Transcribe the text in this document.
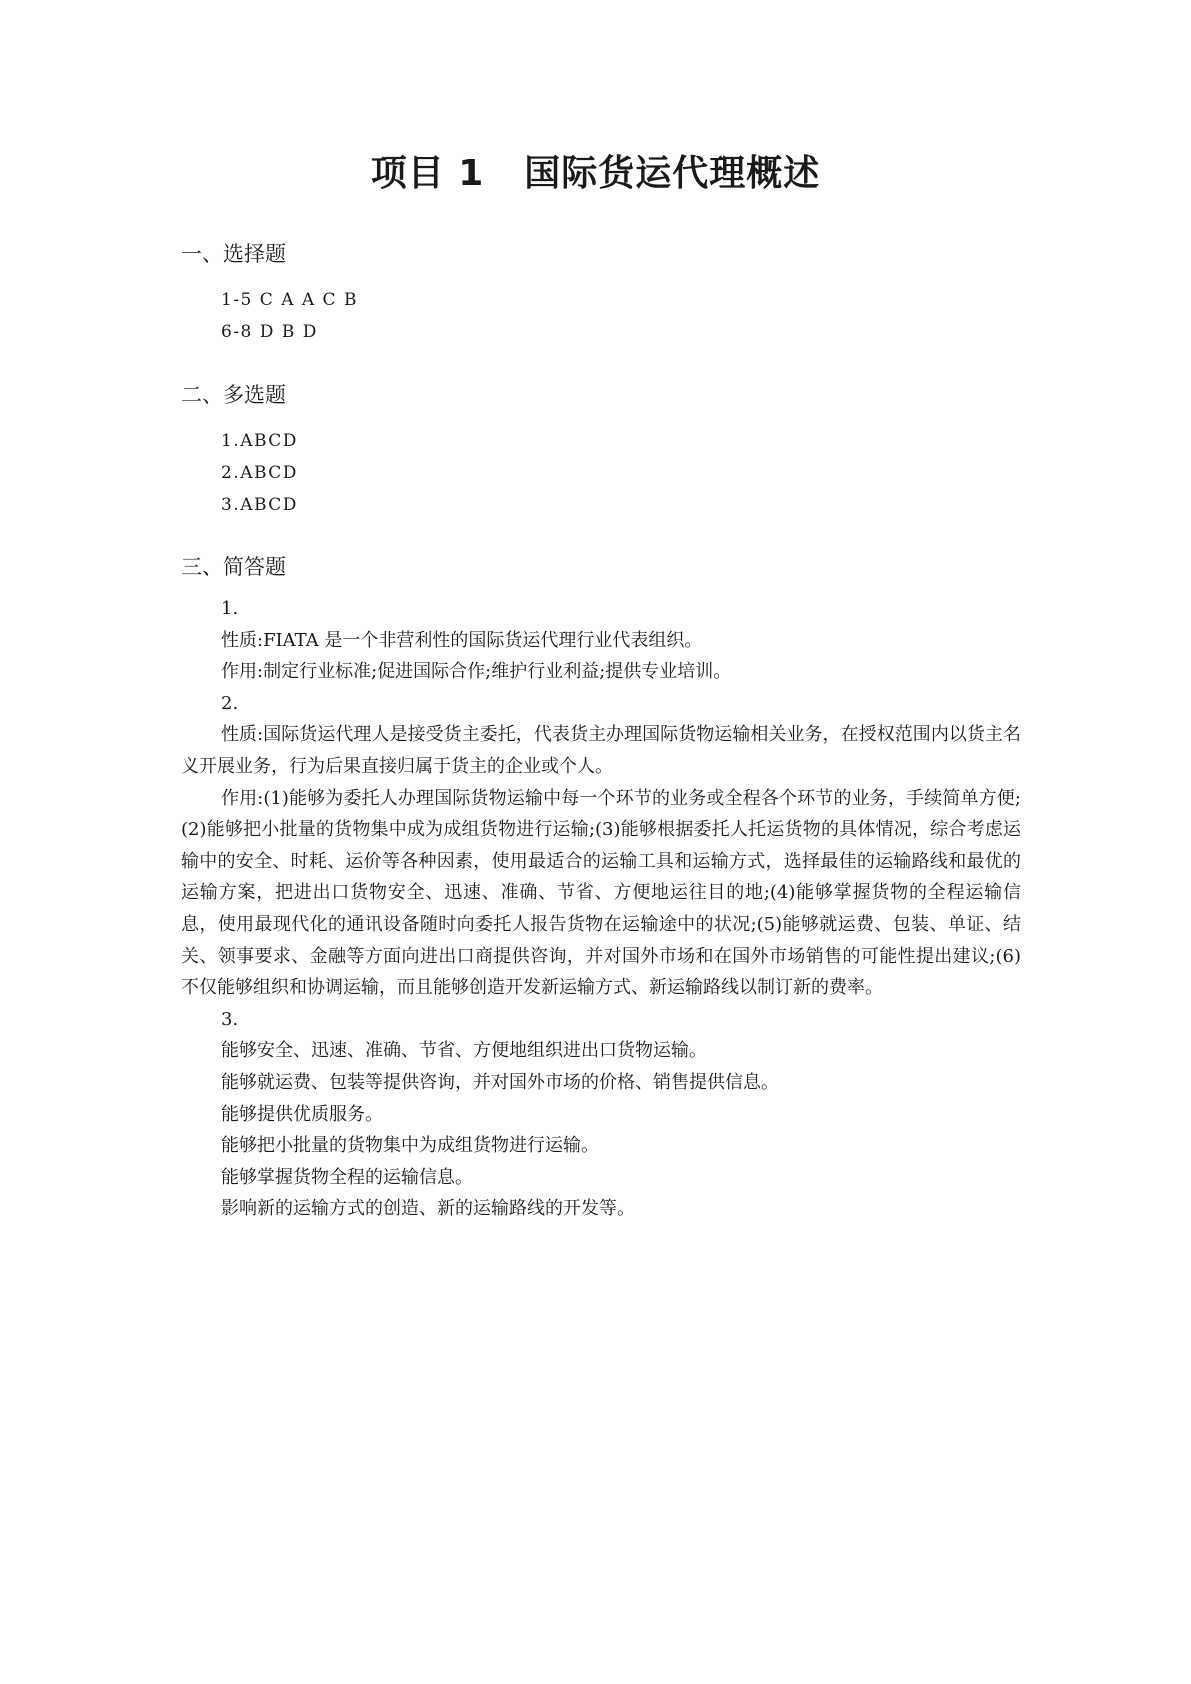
项目 1 国际货运代理概述
一、选择题
1-5 C A A C B
6-8 D B D
二、多选题
1.ABCD
2.ABCD
3.ABCD
三、简答题

1.

性质:FIATA 是一个非营利性的国际货运代理行业代表组织。

作用:制定行业标准;促进国际合作;维护行业利益;提供专业培训。

2.

性质:国际货运代理人是接受货主委托，代表货主办理国际货物运输相关业务，在授权范围内以货主名义开展业务，行为后果直接归属于货主的企业或个人。

作用:(1)能够为委托人办理国际货物运输中每一个环节的业务或全程各个环节的业务，手续简单方便;(2)能够把小批量的货物集中成为成组货物进行运输;(3)能够根据委托人托运货物的具体情况，综合考虑运输中的安全、时耗、运价等各种因素，使用最适合的运输工具和运输方式，选择最佳的运输路线和最优的运输方案，把进出口货物安全、迅速、准确、节省、方便地运往目的地;(4)能够掌握货物的全程运输信息，使用最现代化的通讯设备随时向委托人报告货物在运输途中的状况;(5)能够就运费、包装、单证、结关、领事要求、金融等方面向进出口商提供咨询，并对国外市场和在国外市场销售的可能性提出建议;(6)不仅能够组织和协调运输，而且能够创造开发新运输方式、新运输路线以制订新的费率。

3.

能够安全、迅速、准确、节省、方便地组织进出口货物运输。

能够就运费、包装等提供咨询，并对国外市场的价格、销售提供信息。

能够提供优质服务。

能够把小批量的货物集中为成组货物进行运输。

能够掌握货物全程的运输信息。

影响新的运输方式的创造、新的运输路线的开发等。
